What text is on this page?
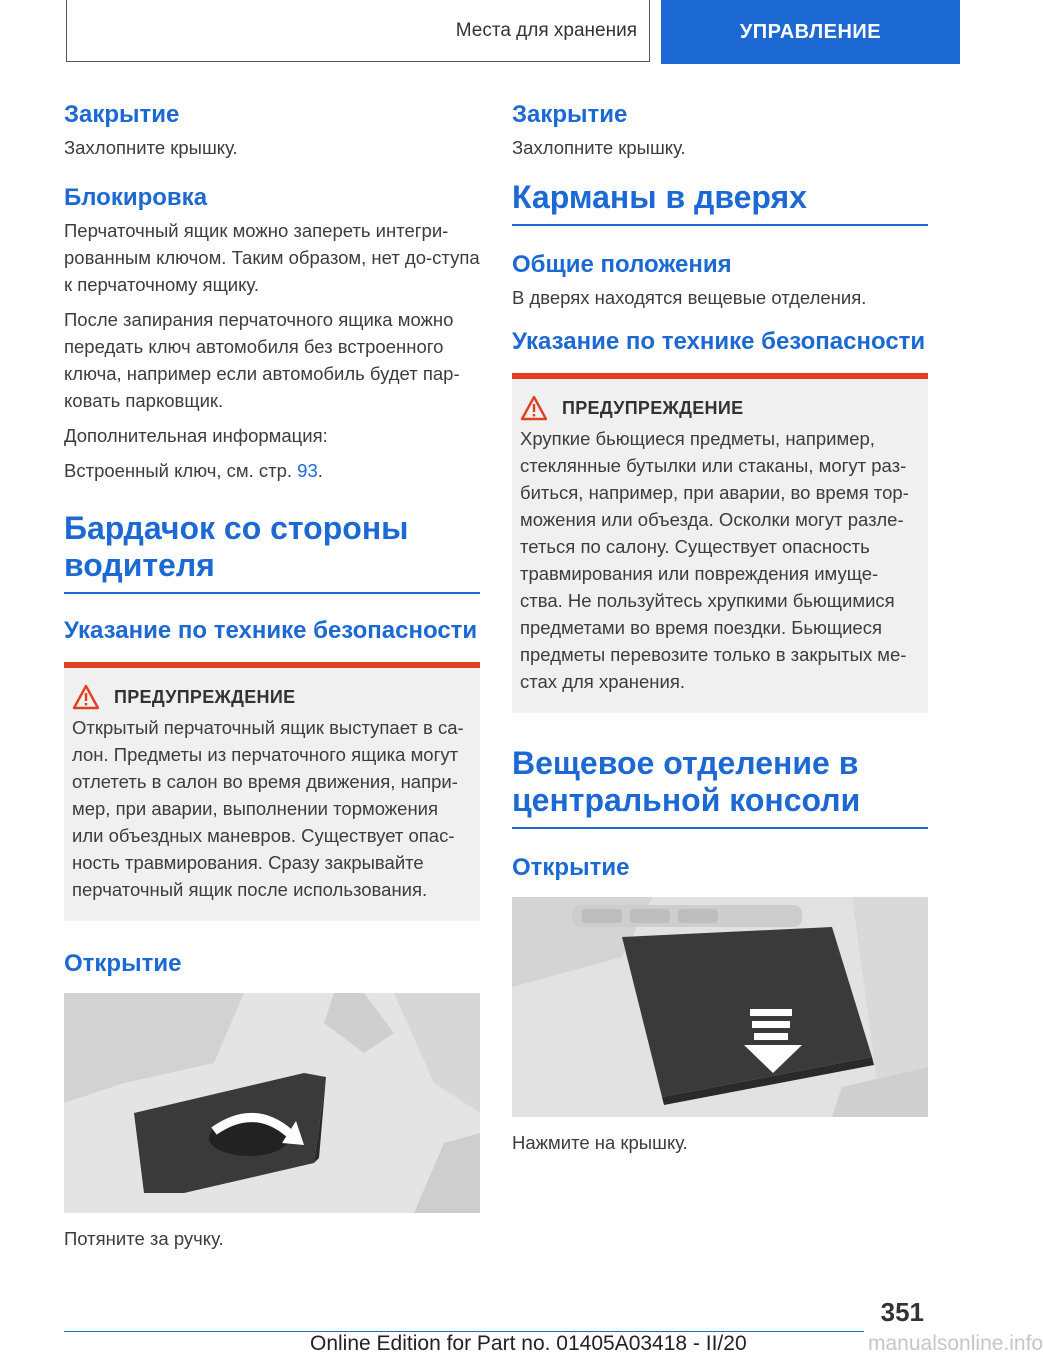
Места для хранения	УПРАВЛЕНИЕ
Закрытие

Захлопните крышку.

Блокировка

Перчаточный ящик можно запереть интегри-рованным ключом. Таким образом, нет до-ступа к перчаточному ящику.

После запирания перчаточного ящика можно передать ключ автомобиля без встроенного ключа, например если автомобиль будет пар-ковать парковщик.

Дополнительная информация:

Встроенный ключ, см. стр. 93.

Бардачок со стороны водителя
Указание по технике безопасности
ПРЕДУПРЕЖДЕНИЕ

Открытый перчаточный ящик выступает в са-лон. Предметы из перчаточного ящика могут отлететь в салон во время движения, напри-мер, при аварии, выполнении торможения или объездных маневров. Существует опас-ность травмирования. Сразу закрывайте перчаточный ящик после использования.

Открытие

Потяните за ручку.

Закрытие

Захлопните крышку.

Карманы в дверях
Общие положения

В дверях находятся вещевые отделения.

Указание по технике безопасности
ПРЕДУПРЕЖДЕНИЕ

Хрупкие бьющиеся предметы, например, стеклянные бутылки или стаканы, могут раз-биться, например, при аварии, во время тор-можения или объезда. Осколки могут разле-теться по салону. Существует опасность травмирования или повреждения имуще-ства. Не пользуйтесь хрупкими бьющимися предметами во время поездки. Бьющиеся предметы перевозите только в закрытых ме-стах для хранения.

Вещевое отделение в центральной консоли
Открытие

Нажмите на крышку.

351
Online Edition for Part no. 01405A03418 - II/20	manualsonline.info
